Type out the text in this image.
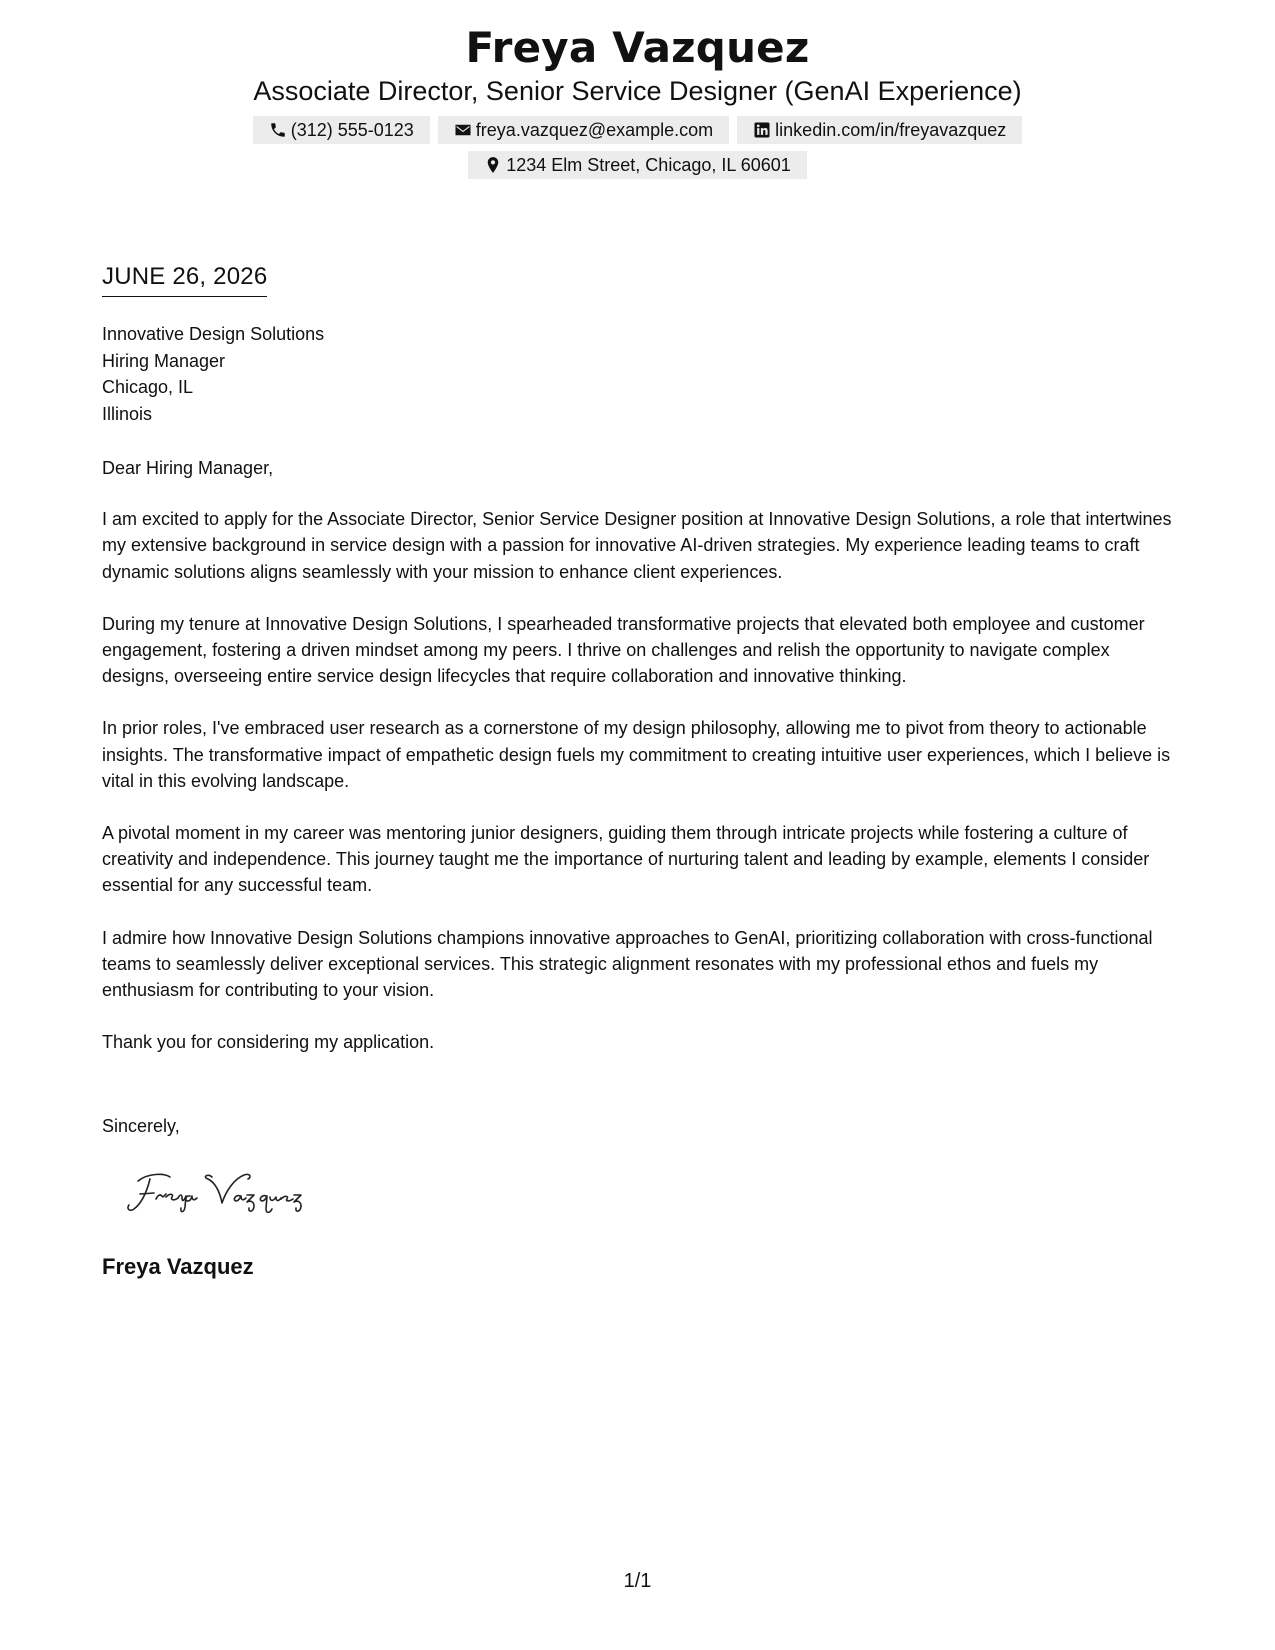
Freya Vazquez
Associate Director, Senior Service Designer (GenAI Experience)
(312) 555-0123	freya.vazquez@example.com	linkedin.com/in/freyavazquez
1234 Elm Street, Chicago, IL 60601
JUNE 26, 2026
Innovative Design Solutions
Hiring Manager
Chicago, IL
Illinois

Dear Hiring Manager,

I am excited to apply for the Associate Director, Senior Service Designer position at Innovative Design Solutions, a role that intertwines my extensive background in service design with a passion for innovative AI-driven strategies. My experience leading teams to craft dynamic solutions aligns seamlessly with your mission to enhance client experiences.

During my tenure at Innovative Design Solutions, I spearheaded transformative projects that elevated both employee and customer engagement, fostering a driven mindset among my peers. I thrive on challenges and relish the opportunity to navigate complex designs, overseeing entire service design lifecycles that require collaboration and innovative thinking.

In prior roles, I've embraced user research as a cornerstone of my design philosophy, allowing me to pivot from theory to actionable insights. The transformative impact of empathetic design fuels my commitment to creating intuitive user experiences, which I believe is vital in this evolving landscape.

A pivotal moment in my career was mentoring junior designers, guiding them through intricate projects while fostering a culture of creativity and independence. This journey taught me the importance of nurturing talent and leading by example, elements I consider essential for any successful team.

I admire how Innovative Design Solutions champions innovative approaches to GenAI, prioritizing collaboration with cross-functional teams to seamlessly deliver exceptional services. This strategic alignment resonates with my professional ethos and fuels my enthusiasm for contributing to your vision.

Thank you for considering my application.

Sincerely,
Freya Vazquez
1/1
